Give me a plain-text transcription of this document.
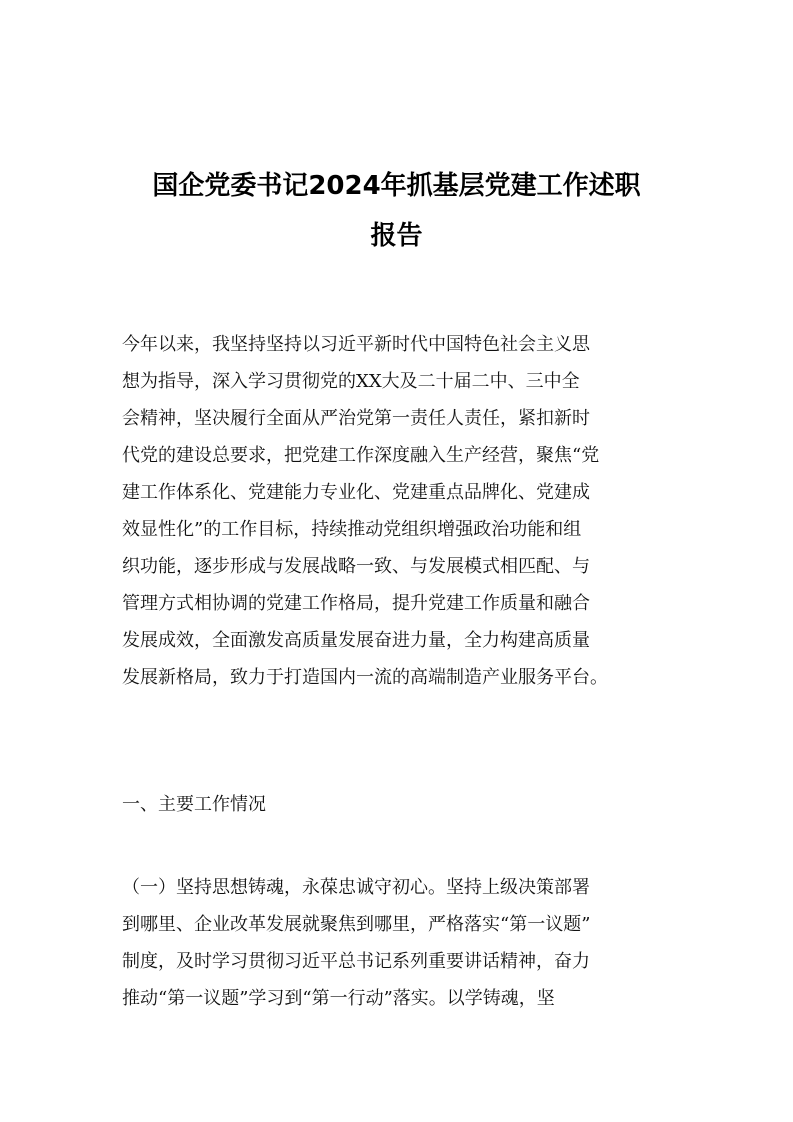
国企党委书记2024年抓基层党建工作述职
报告
今年以来，我坚持坚持以习近平新时代中国特色社会主义思
想为指导，深入学习贯彻党的XX大及二十届二中、三中全
会精神，坚决履行全面从严治党第一责任人责任，紧扣新时
代党的建设总要求，把党建工作深度融入生产经营，聚焦“党
建工作体系化、党建能力专业化、党建重点品牌化、党建成
效显性化”的工作目标，持续推动党组织增强政治功能和组
织功能，逐步形成与发展战略一致、与发展模式相匹配、与
管理方式相协调的党建工作格局，提升党建工作质量和融合
发展成效，全面激发高质量发展奋进力量，全力构建高质量
发展新格局，致力于打造国内一流的高端制造产业服务平台。
一、主要工作情况
（一）坚持思想铸魂，永葆忠诚守初心。坚持上级决策部署
到哪里、企业改革发展就聚焦到哪里，严格落实“第一议题”
制度，及时学习贯彻习近平总书记系列重要讲话精神，奋力
推动“第一议题”学习到“第一行动”落实。以学铸魂，坚
